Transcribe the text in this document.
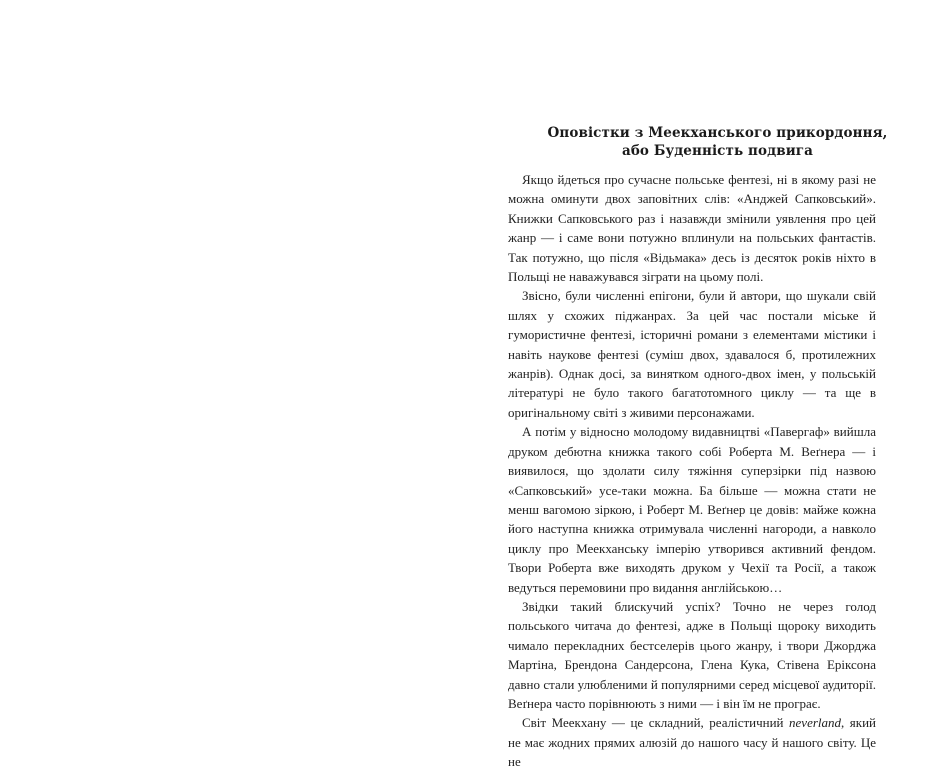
Оповістки з Меекханського прикордоння,
або Буденність подвига

Якщо йдеться про сучасне польське фентезі, ні в якому разі не можна оминути двох заповітних слів: «Анджей Сапковський». Книжки Сапковського раз і назавжди змінили уявлення про цей жанр — і саме вони потужно вплинули на польських фантастів. Так потужно, що після «Відьмака» десь із десяток років ніхто в Польщі не наважувався зіграти на цьому полі.

Звісно, були численні епігони, були й автори, що шукали свій шлях у схожих піджанрах. За цей час постали міське й гумористичне фентезі, історичні романи з елементами містики і навіть наукове фентезі (суміш двох, здавалося б, протилежних жанрів). Однак досі, за винятком одного-двох імен, у польській літературі не було такого багатотомного циклу — та ще в оригінальному світі з живими персонажами.

А потім у відносно молодому видавництві «Павергаф» вийшла друком дебютна книжка такого собі Роберта М. Веґнера — і виявилося, що здолати силу тяжіння суперзірки під назвою «Сапковський» усе-таки можна. Ба більше — можна стати не менш вагомою зіркою, і Роберт М. Веґнер це довів: майже кожна його наступна книжка отримувала численні нагороди, а навколо циклу про Меекханську імперію утворився активний фендом. Твори Роберта вже виходять друком у Чехії та Росії, а також ведуться перемовини про видання англійською…

Звідки такий блискучий успіх? Точно не через голод польського читача до фентезі, адже в Польщі щороку виходить чимало перекладних бестселерів цього жанру, і твори Джорджа Мартіна, Брендона Сандерсона, Глена Кука, Стівена Еріксона давно стали улюбленими й популярними серед місцевої аудиторії. Веґнера часто порівнюють з ними — і він їм не програє.

Світ Меекхану — це складний, реалістичний neverland, який не має жодних прямих алюзій до нашого часу й нашого світу. Це не
